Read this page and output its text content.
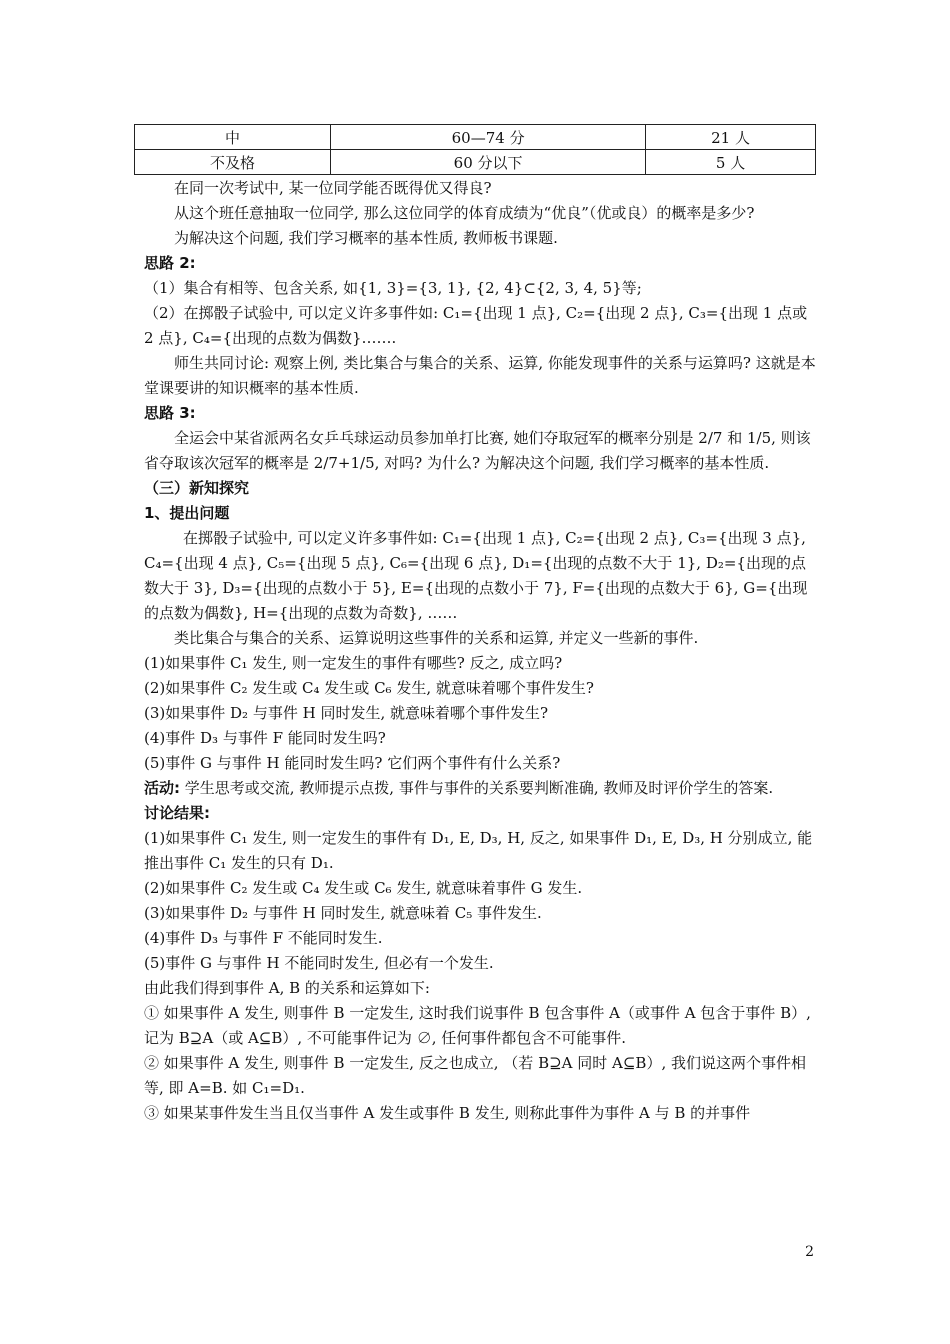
中	60—74 分	21 人
不及格	60 分以下	5 人

在同一次考试中, 某一位同学能否既得优又得良?

从这个班任意抽取一位同学, 那么这位同学的体育成绩为“优良”（优或良）的概率是多少?

为解决这个问题, 我们学习概率的基本性质, 教师板书课题.

思路 2:

（1）集合有相等、包含关系, 如{1, 3}={3, 1}, {2, 4}⊂{2, 3, 4, 5}等;

（2）在掷骰子试验中, 可以定义许多事件如: C₁={出现 1 点}, C₂={出现 2 点}, C₃={出现 1 点或 2 点}, C₄={出现的点数为偶数}…….

师生共同讨论: 观察上例, 类比集合与集合的关系、运算, 你能发现事件的关系与运算吗? 这就是本堂课要讲的知识概率的基本性质.

思路 3:

全运会中某省派两名女乒乓球运动员参加单打比赛, 她们夺取冠军的概率分别是 2/7 和 1/5, 则该省夺取该次冠军的概率是 2/7+1/5, 对吗? 为什么? 为解决这个问题, 我们学习概率的基本性质.

（三）新知探究

1、提出问题

在掷骰子试验中, 可以定义许多事件如: C₁={出现 1 点}, C₂={出现 2 点}, C₃={出现 3 点}, C₄={出现 4 点}, C₅={出现 5 点}, C₆={出现 6 点}, D₁={出现的点数不大于 1}, D₂={出现的点数大于 3}, D₃={出现的点数小于 5}, E={出现的点数小于 7}, F={出现的点数大于 6}, G={出现的点数为偶数}, H={出现的点数为奇数}, ……

类比集合与集合的关系、运算说明这些事件的关系和运算, 并定义一些新的事件.

(1)如果事件 C₁ 发生, 则一定发生的事件有哪些? 反之, 成立吗?

(2)如果事件 C₂ 发生或 C₄ 发生或 C₆ 发生, 就意味着哪个事件发生?

(3)如果事件 D₂ 与事件 H 同时发生, 就意味着哪个事件发生?

(4)事件 D₃ 与事件 F 能同时发生吗?

(5)事件 G 与事件 H 能同时发生吗? 它们两个事件有什么关系?

活动: 学生思考或交流, 教师提示点拨, 事件与事件的关系要判断准确, 教师及时评价学生的答案.

讨论结果:

(1)如果事件 C₁ 发生, 则一定发生的事件有 D₁, E, D₃, H, 反之, 如果事件 D₁, E, D₃, H 分别成立, 能推出事件 C₁ 发生的只有 D₁.

(2)如果事件 C₂ 发生或 C₄ 发生或 C₆ 发生, 就意味着事件 G 发生.

(3)如果事件 D₂ 与事件 H 同时发生, 就意味着 C₅ 事件发生.

(4)事件 D₃ 与事件 F 不能同时发生.

(5)事件 G 与事件 H 不能同时发生, 但必有一个发生.

由此我们得到事件 A, B 的关系和运算如下:

① 如果事件 A 发生, 则事件 B 一定发生, 这时我们说事件 B 包含事件 A（或事件 A 包含于事件 B）, 记为 B⊇A（或 A⊆B）, 不可能事件记为 ∅, 任何事件都包含不可能事件.

② 如果事件 A 发生, 则事件 B 一定发生, 反之也成立, （若 B⊇A 同时 A⊆B）, 我们说这两个事件相等, 即 A=B. 如 C₁=D₁.

③ 如果某事件发生当且仅当事件 A 发生或事件 B 发生, 则称此事件为事件 A 与 B 的并事件

2
